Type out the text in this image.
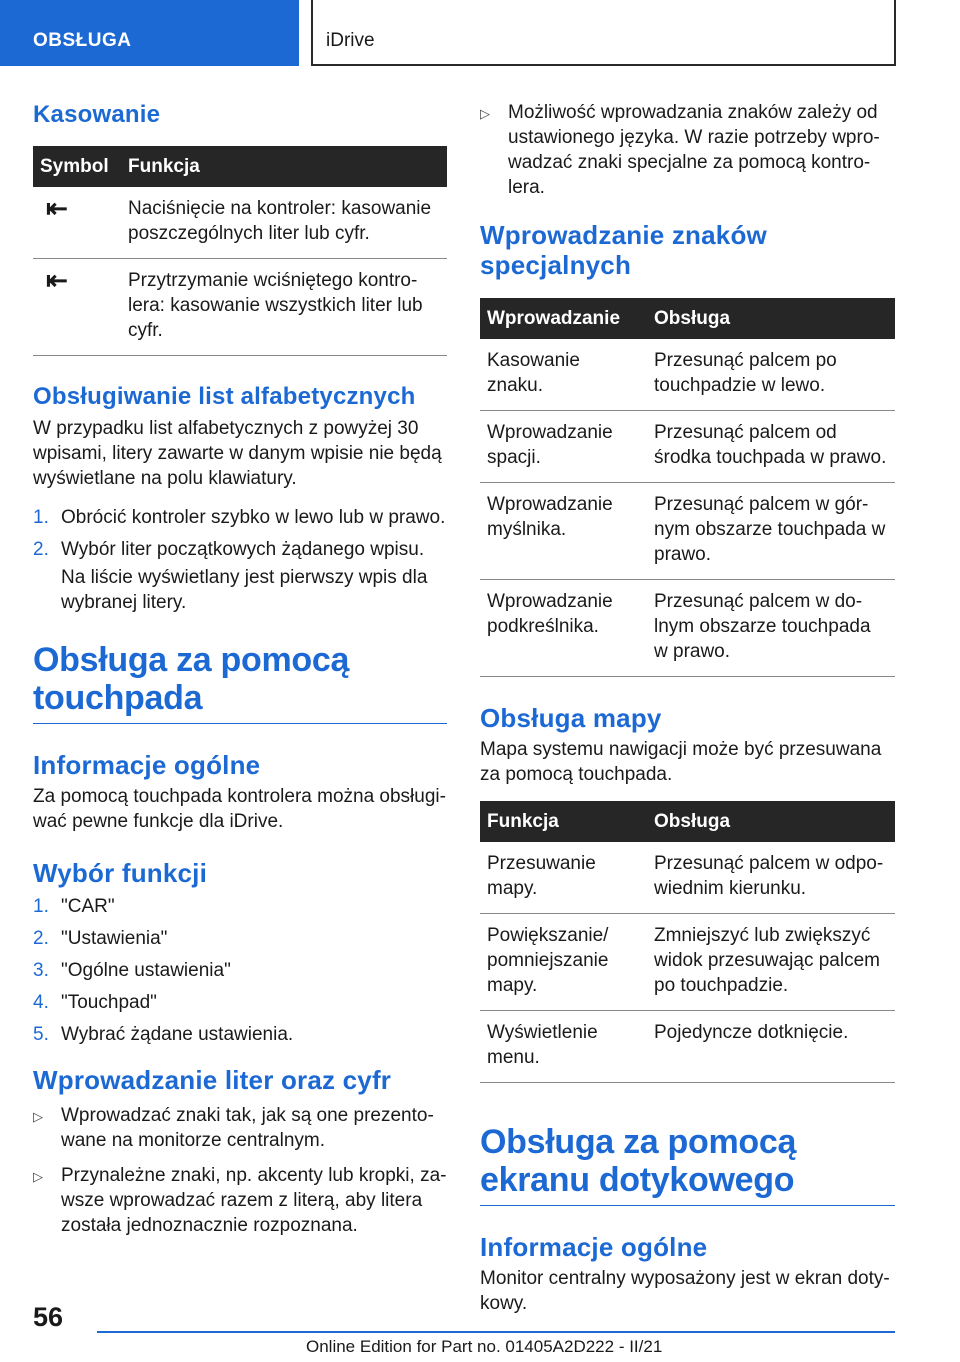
OBSŁUGA	iDrive
Kasowanie
Symbol	Funkcja
⇤	Naciśnięcie na kontroler: kasowanie poszczególnych liter lub cyfr.
⇤	Przytrzymanie wciśniętego kontrolera: kasowanie wszystkich liter lub cyfr.
Obsługiwanie list alfabetycznych

W przypadku list alfabetycznych z powyżej 30 wpisami, litery zawarte w danym wpisie nie będą wyświetlane na polu klawiatury.

1. Obrócić kontroler szybko w lewo lub w prawo.
2. Wybór liter początkowych żądanego wpisu.

Na liście wyświetlany jest pierwszy wpis dla wybranej litery.

Obsługa za pomocą touchpada
Informacje ogólne

Za pomocą touchpada kontrolera można obsługiwać pewne funkcje dla iDrive.

Wybór funkcji
1. "CAR"
2. "Ustawienia"
3. "Ogólne ustawienia"
4. "Touchpad"
5. Wybrać żądane ustawienia.
Wprowadzanie liter oraz cyfr
▷ Wprowadzać znaki tak, jak są one prezentowane na monitorze centralnym.
▷ Przynależne znaki, np. akcenty lub kropki, zawsze wprowadzać razem z literą, aby litera została jednoznacznie rozpoznana.
▷ Możliwość wprowadzania znaków zależy od ustawionego języka. W razie potrzeby wprowadzać znaki specjalne za pomocą kontrolera.
Wprowadzanie znaków specjalnych
Wprowadzanie	Obsługa
Kasowanie znaku.	Przesunąć palcem po touchpadzie w lewo.
Wprowadzanie spacji.	Przesunąć palcem od środka touchpada w prawo.
Wprowadzanie myślnika.	Przesunąć palcem w górnym obszarze touchpada w prawo.
Wprowadzanie podkreślnika.	Przesunąć palcem w dolnym obszarze touchpada w prawo.
Obsługa mapy

Mapa systemu nawigacji może być przesuwana za pomocą touchpada.

Funkcja	Obsługa
Przesuwanie mapy.	Przesunąć palcem w odpowiednim kierunku.
Powiększanie/ pomniejszanie mapy.	Zmniejszyć lub zwiększyć widok przesuwając palcem po touchpadzie.
Wyświetlenie menu.	Pojedyncze dotknięcie.
Obsługa za pomocą ekranu dotykowego
Informacje ogólne

Monitor centralny wyposażony jest w ekran dotykowy.

56
Online Edition for Part no. 01405A2D222 - II/21
